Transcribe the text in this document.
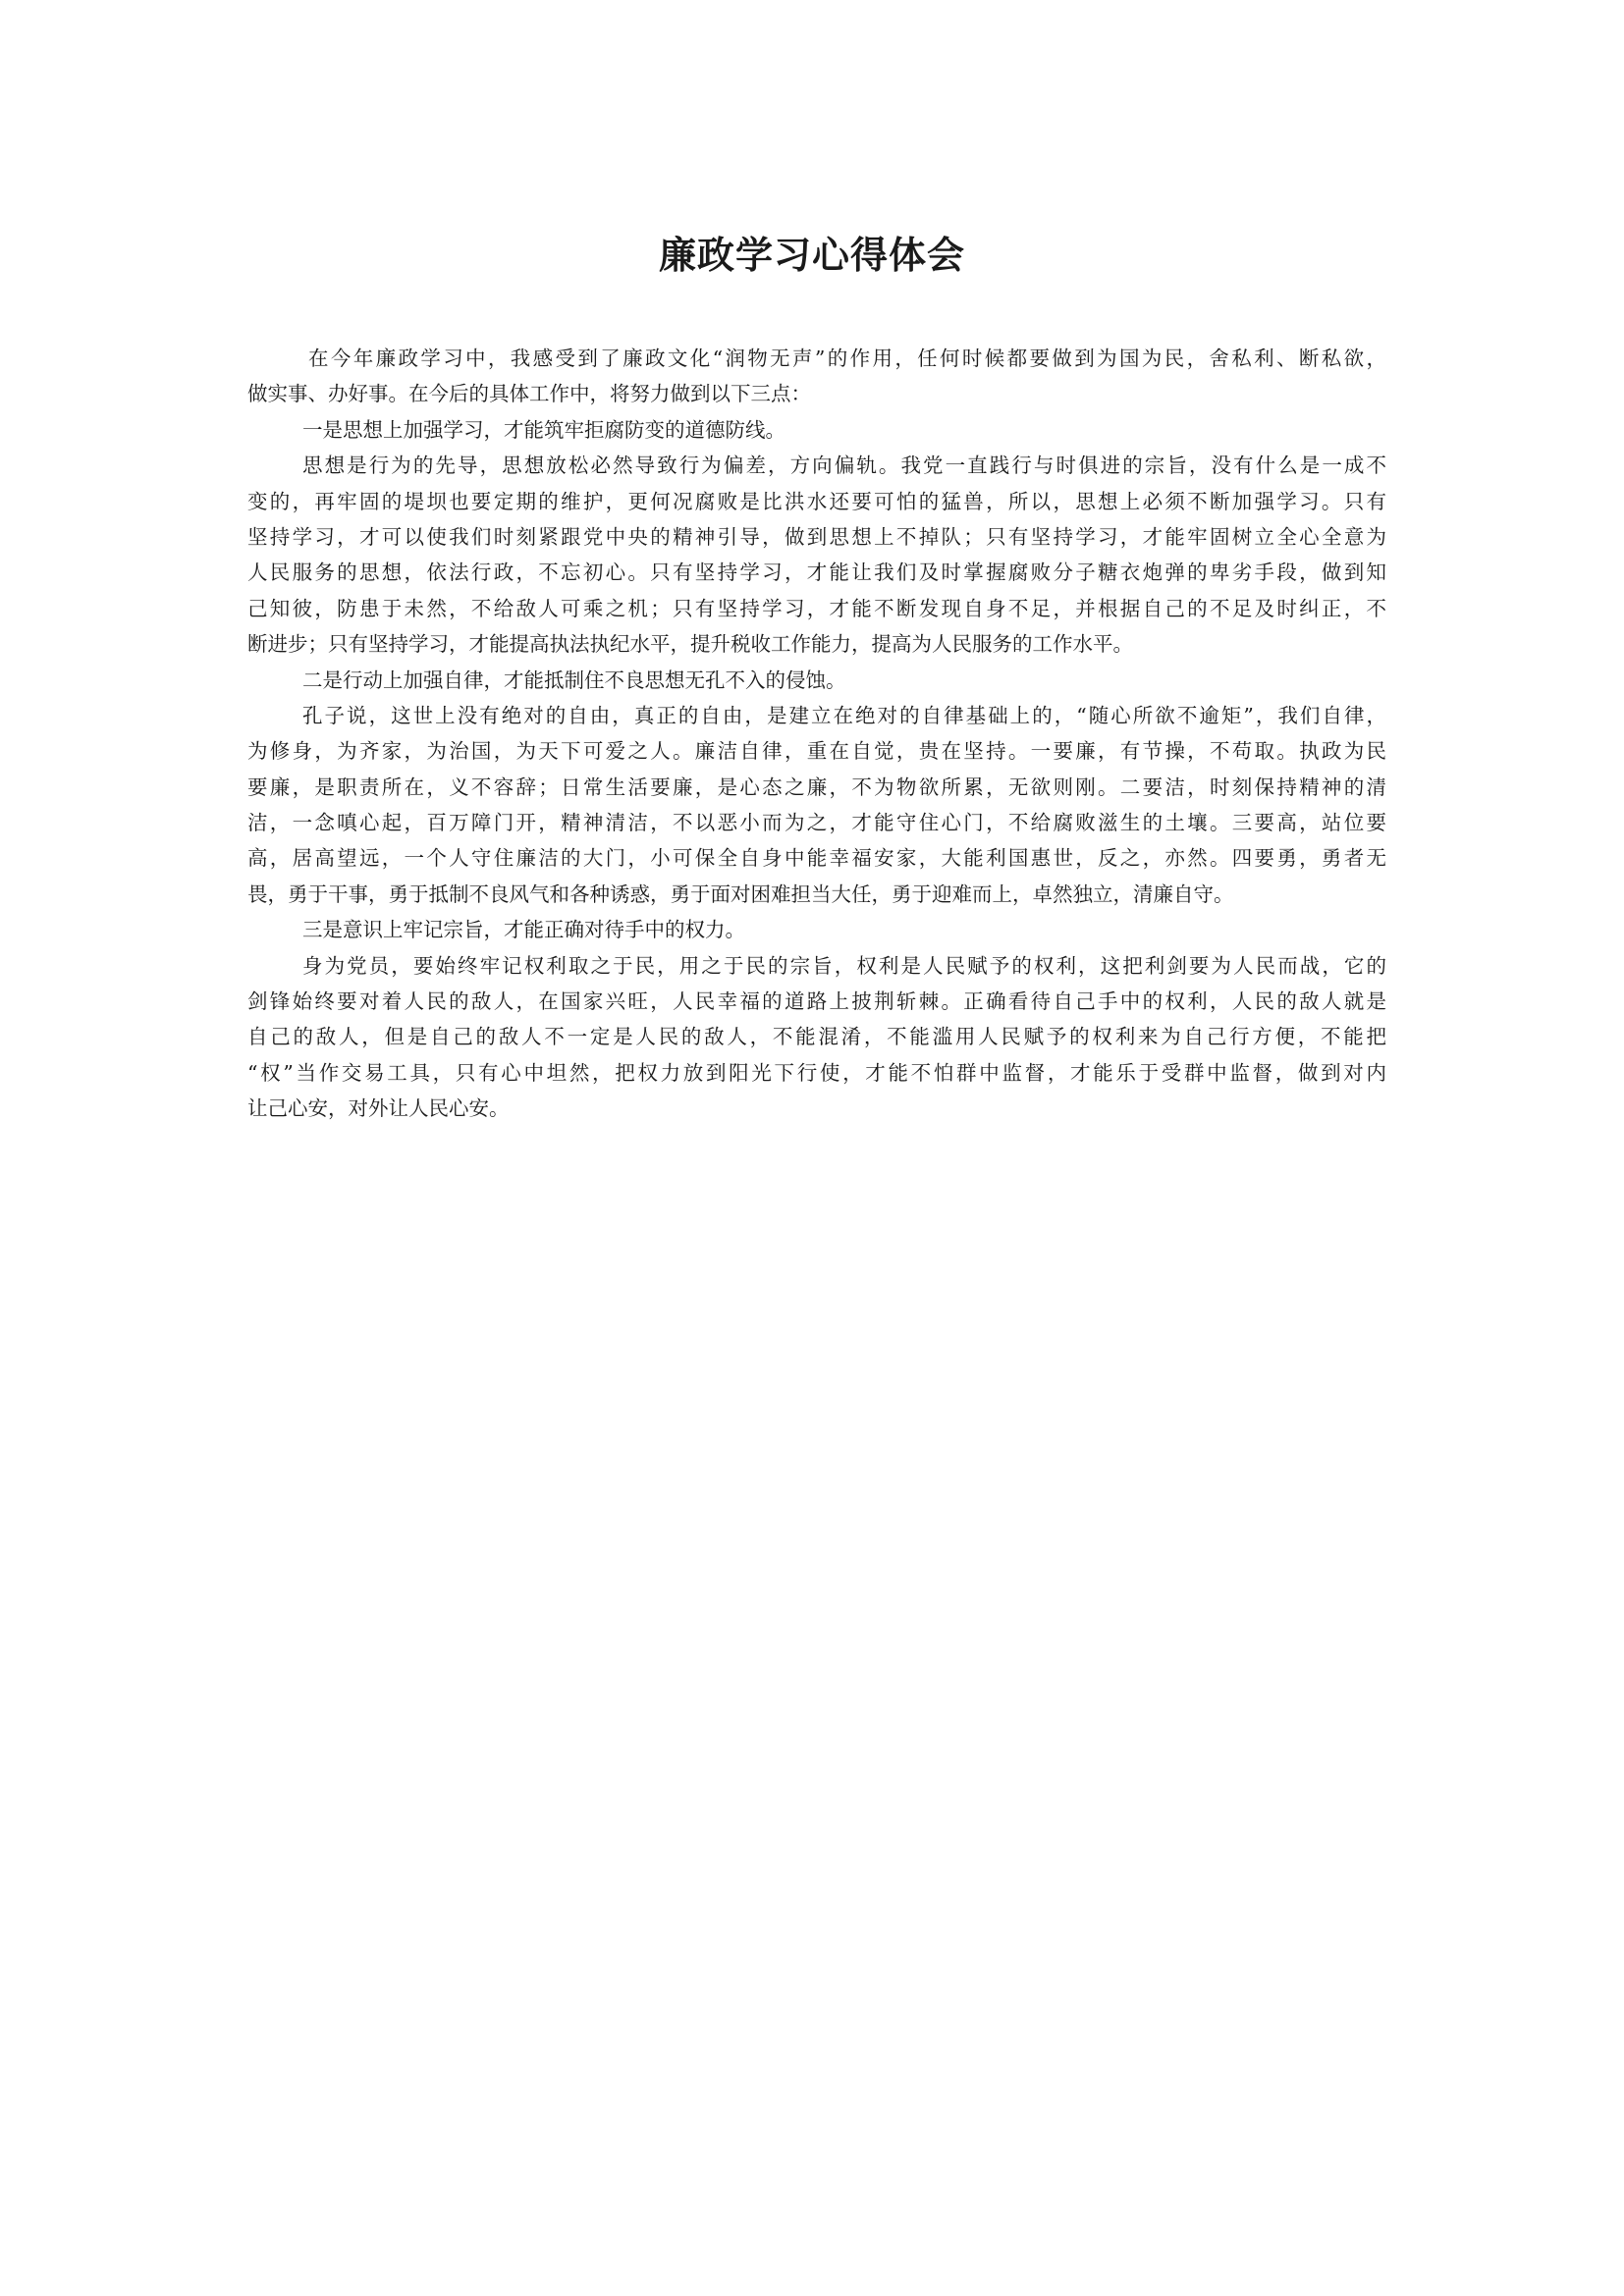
廉政学习心得体会
在今年廉政学习中，我感受到了廉政文化“润物无声”的作用，任何时候都要做到为国为民，舍私利、断私欲，
做实事、办好事。在今后的具体工作中，将努力做到以下三点：
一是思想上加强学习，才能筑牢拒腐防变的道德防线。
思想是行为的先导，思想放松必然导致行为偏差，方向偏轨。我党一直践行与时俱进的宗旨，没有什么是一成不
变的，再牢固的堤坝也要定期的维护，更何况腐败是比洪水还要可怕的猛兽，所以，思想上必须不断加强学习。只有
坚持学习，才可以使我们时刻紧跟党中央的精神引导，做到思想上不掉队；只有坚持学习，才能牢固树立全心全意为
人民服务的思想，依法行政，不忘初心。只有坚持学习，才能让我们及时掌握腐败分子糖衣炮弹的卑劣手段，做到知
己知彼，防患于未然，不给敌人可乘之机；只有坚持学习，才能不断发现自身不足，并根据自己的不足及时纠正，不
断进步；只有坚持学习，才能提高执法执纪水平，提升税收工作能力，提高为人民服务的工作水平。
二是行动上加强自律，才能抵制住不良思想无孔不入的侵蚀。
孔子说，这世上没有绝对的自由，真正的自由，是建立在绝对的自律基础上的，“随心所欲不逾矩”，我们自律，
为修身，为齐家，为治国，为天下可爱之人。廉洁自律，重在自觉，贵在坚持。一要廉，有节操，不苟取。执政为民
要廉，是职责所在，义不容辞；日常生活要廉，是心态之廉，不为物欲所累，无欲则刚。二要洁，时刻保持精神的清
洁，一念嗔心起，百万障门开，精神清洁，不以恶小而为之，才能守住心门，不给腐败滋生的土壤。三要高，站位要
高，居高望远，一个人守住廉洁的大门，小可保全自身中能幸福安家，大能利国惠世，反之，亦然。四要勇，勇者无
畏，勇于干事，勇于抵制不良风气和各种诱惑，勇于面对困难担当大任，勇于迎难而上，卓然独立，清廉自守。
三是意识上牢记宗旨，才能正确对待手中的权力。
身为党员，要始终牢记权利取之于民，用之于民的宗旨，权利是人民赋予的权利，这把利剑要为人民而战，它的
剑锋始终要对着人民的敌人，在国家兴旺，人民幸福的道路上披荆斩棘。正确看待自己手中的权利，人民的敌人就是
自己的敌人，但是自己的敌人不一定是人民的敌人，不能混淆，不能滥用人民赋予的权利来为自己行方便，不能把
“权”当作交易工具，只有心中坦然，把权力放到阳光下行使，才能不怕群中监督，才能乐于受群中监督，做到对内
让己心安，对外让人民心安。
